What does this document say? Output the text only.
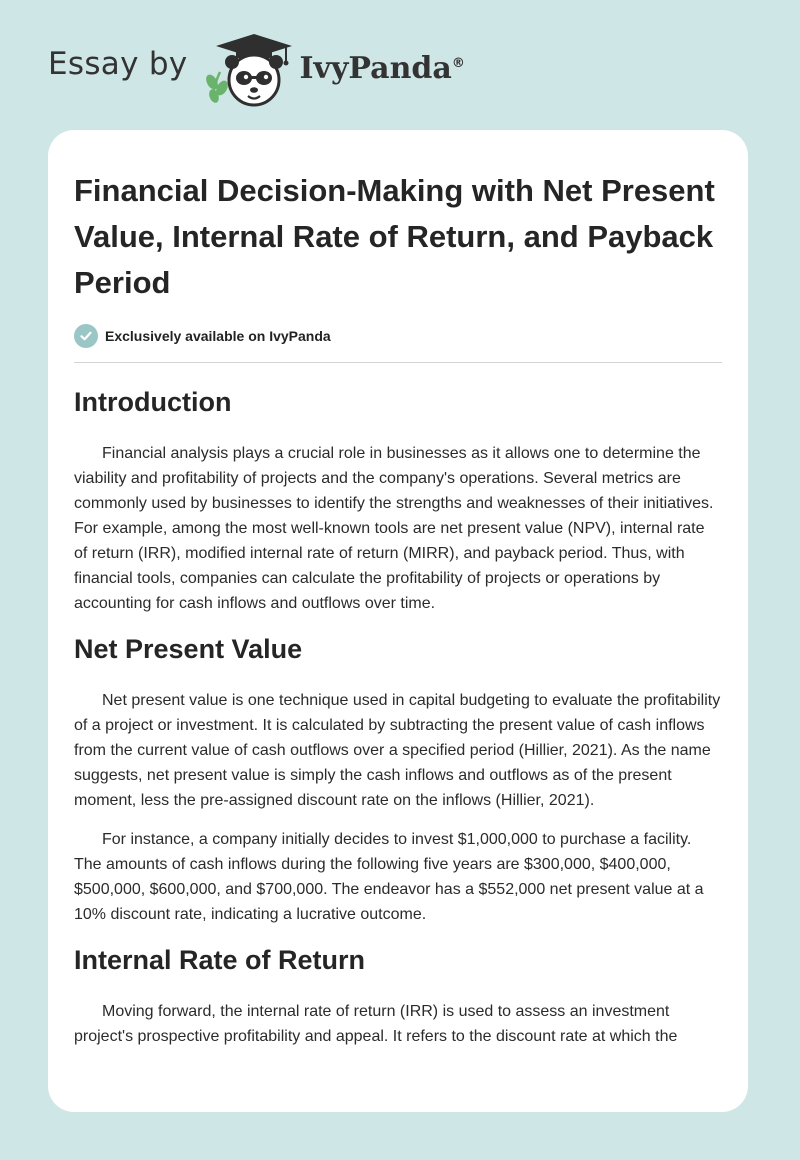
Essay by	IvyPanda®
Financial Decision-Making with Net Present Value, Internal Rate of Return, and Payback Period
Exclusively available on IvyPanda
Introduction

Financial analysis plays a crucial role in businesses as it allows one to determine the viability and profitability of projects and the company's operations. Several metrics are commonly used by businesses to identify the strengths and weaknesses of their initiatives. For example, among the most well-known tools are net present value (NPV), internal rate of return (IRR), modified internal rate of return (MIRR), and payback period. Thus, with financial tools, companies can calculate the profitability of projects or operations by accounting for cash inflows and outflows over time.

Net Present Value

Net present value is one technique used in capital budgeting to evaluate the profitability of a project or investment. It is calculated by subtracting the present value of cash inflows from the current value of cash outflows over a specified period (Hillier, 2021). As the name suggests, net present value is simply the cash inflows and outflows as of the present moment, less the pre-assigned discount rate on the inflows (Hillier, 2021).

For instance, a company initially decides to invest $1,000,000 to purchase a facility. The amounts of cash inflows during the following five years are $300,000, $400,000, $500,000, $600,000, and $700,000. The endeavor has a $552,000 net present value at a 10% discount rate, indicating a lucrative outcome.

Internal Rate of Return

Moving forward, the internal rate of return (IRR) is used to assess an investment project's prospective profitability and appeal. It refers to the discount rate at which the
